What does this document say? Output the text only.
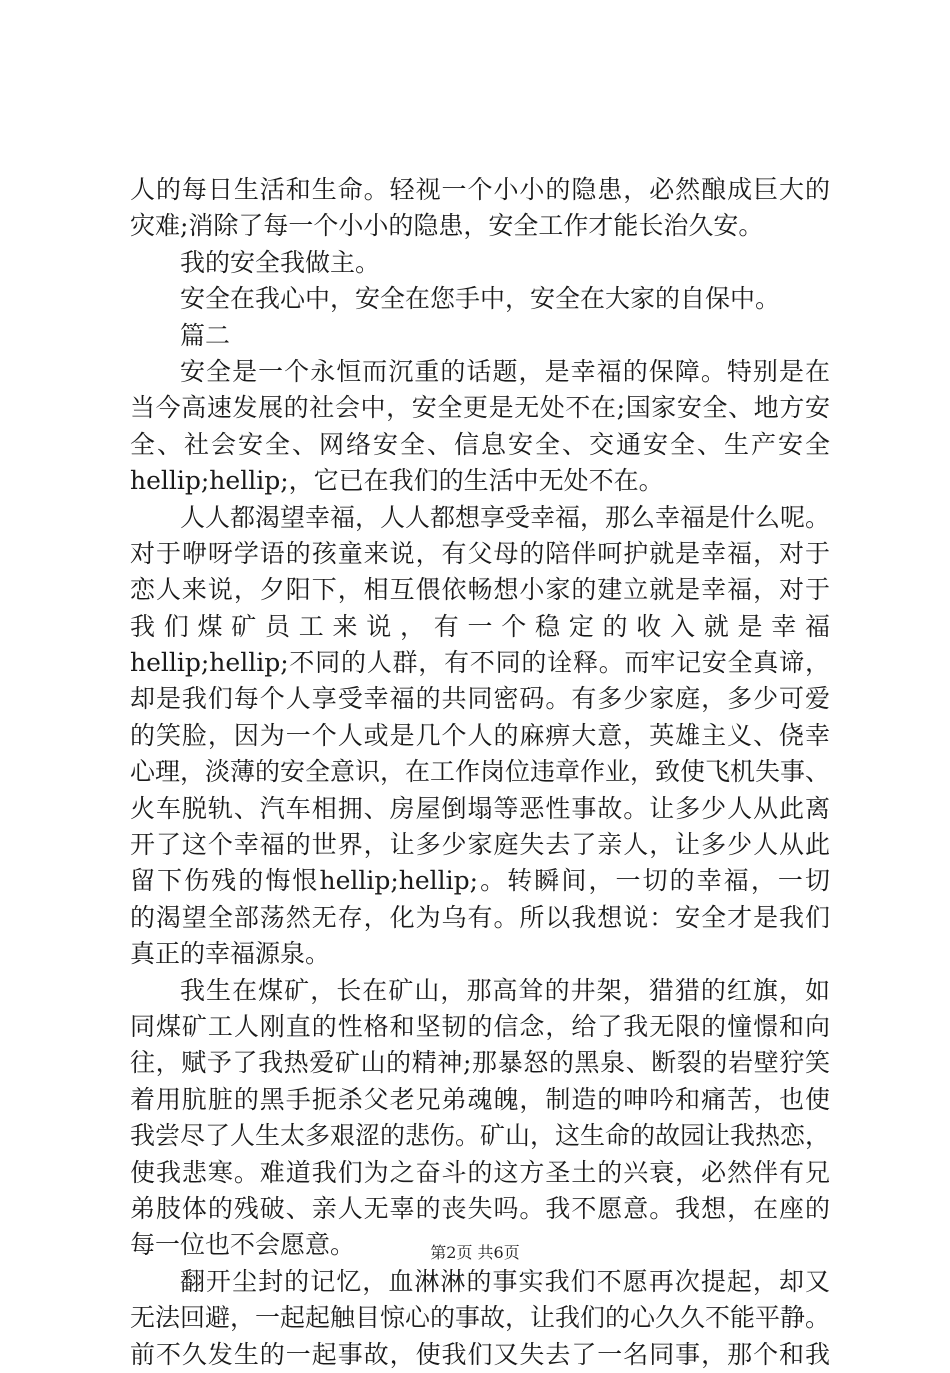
人的每日生活和生命。轻视一个小小的隐患，必然酿成巨大的
灾难;消除了每一个小小的隐患，安全工作才能长治久安。
我的安全我做主。
安全在我心中，安全在您手中，安全在大家的自保中。
篇二
安全是一个永恒而沉重的话题，是幸福的保障。特别是在
当今高速发展的社会中，安全更是无处不在;国家安全、地方安
全、社会安全、网络安全、信息安全、交通安全、生产安全
hellip;hellip;，它已在我们的生活中无处不在。
人人都渴望幸福，人人都想享受幸福，那么幸福是什么呢。
对于咿呀学语的孩童来说，有父母的陪伴呵护就是幸福，对于
恋人来说，夕阳下，相互偎依畅想小家的建立就是幸福，对于
我们煤矿员工来说，有一个稳定的收入就是幸福
hellip;hellip;不同的人群，有不同的诠释。而牢记安全真谛，
却是我们每个人享受幸福的共同密码。有多少家庭，多少可爱
的笑脸，因为一个人或是几个人的麻痹大意，英雄主义、侥幸
心理，淡薄的安全意识，在工作岗位违章作业，致使飞机失事、
火车脱轨、汽车相拥、房屋倒塌等恶性事故。让多少人从此离
开了这个幸福的世界，让多少家庭失去了亲人，让多少人从此
留下伤残的悔恨hellip;hellip;。转瞬间，一切的幸福，一切
的渴望全部荡然无存，化为乌有。所以我想说：安全才是我们
真正的幸福源泉。
我生在煤矿，长在矿山，那高耸的井架，猎猎的红旗，如
同煤矿工人刚直的性格和坚韧的信念，给了我无限的憧憬和向
往，赋予了我热爱矿山的精神;那暴怒的黑泉、断裂的岩壁狞笑
着用肮脏的黑手扼杀父老兄弟魂魄，制造的呻吟和痛苦，也使
我尝尽了人生太多艰涩的悲伤。矿山，这生命的故园让我热恋，
使我悲寒。难道我们为之奋斗的这方圣土的兴衰，必然伴有兄
弟肢体的残破、亲人无辜的丧失吗。我不愿意。我想，在座的
每一位也不会愿意。
翻开尘封的记忆，血淋淋的事实我们不愿再次提起，却又
无法回避，一起起触目惊心的事故，让我们的心久久不能平静。
前不久发生的一起事故，使我们又失去了一名同事，那个和我
第2页 共6页
